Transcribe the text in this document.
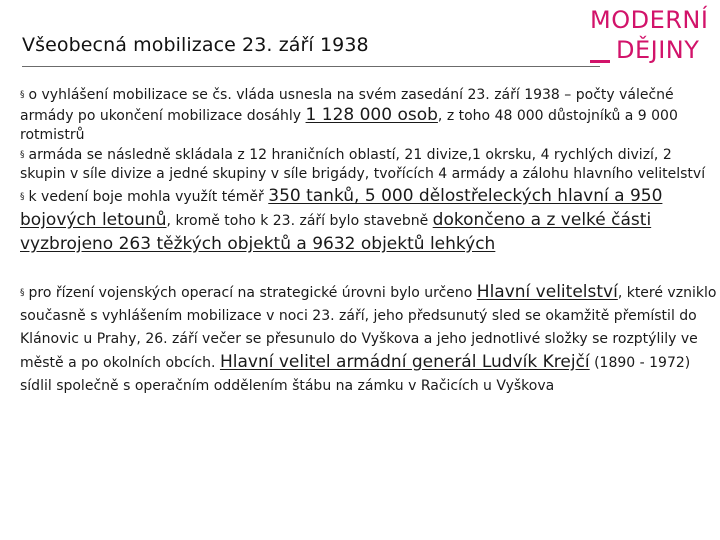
Všeobecná mobilizace 23. září 1938
MODERNÍ
DĚJINY

§ o vyhlášení mobilizace se čs. vláda usnesla na svém zasedání 23. září 1938 – počty válečné armády po ukončení mobilizace dosáhly 1 128 000 osob, z toho 48 000 důstojníků a 9 000 rotmistrů

§ armáda se následně skládala z 12 hraničních oblastí, 21 divize,1 okrsku, 4 rychlých divizí, 2 skupin v síle divize a jedné skupiny v síle brigády, tvořících 4 armády a zálohu hlavního velitelství

§ k vedení boje mohla využít téměř 350 tanků, 5 000 dělostřeleckých hlavní a 950 bojových letounů, kromě toho k 23. září bylo stavebně dokončeno a z velké části vyzbrojeno 263 těžkých objektů a 9632 objektů lehkých

§ pro řízení vojenských operací na strategické úrovni bylo určeno Hlavní velitelství, které vzniklo současně s vyhlášením mobilizace v noci 23. září, jeho předsunutý sled se okamžitě přemístil do Klánovic u Prahy, 26. září večer se přesunulo do Vyškova a jeho jednotlivé složky se rozptýlily ve městě a po okolních obcích. Hlavní velitel armádní generál Ludvík Krejčí (1890 - 1972) sídlil společně s operačním oddělením štábu na zámku v Račicích u Vyškova
